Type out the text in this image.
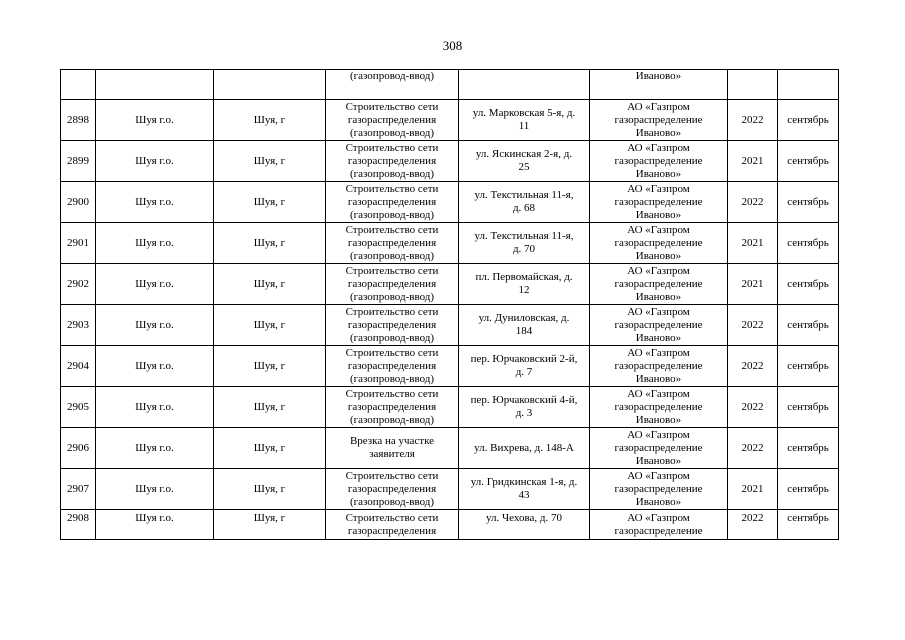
308
			(газопровод-ввод)		Иваново»		
2898	Шуя г.о.	Шуя, г	Строительство сети
газораспределения
(газопровод-ввод)	ул. Марковская 5-я, д.
11	АО «Газпром
газораспределение
Иваново»	2022	сентябрь
2899	Шуя г.о.	Шуя, г	Строительство сети
газораспределения
(газопровод-ввод)	ул. Яскинская 2-я, д.
25	АО «Газпром
газораспределение
Иваново»	2021	сентябрь
2900	Шуя г.о.	Шуя, г	Строительство сети
газораспределения
(газопровод-ввод)	ул. Текстильная 11-я,
д. 68	АО «Газпром
газораспределение
Иваново»	2022	сентябрь
2901	Шуя г.о.	Шуя, г	Строительство сети
газораспределения
(газопровод-ввод)	ул. Текстильная 11-я,
д. 70	АО «Газпром
газораспределение
Иваново»	2021	сентябрь
2902	Шуя г.о.	Шуя, г	Строительство сети
газораспределения
(газопровод-ввод)	пл. Первомайская, д.
12	АО «Газпром
газораспределение
Иваново»	2021	сентябрь
2903	Шуя г.о.	Шуя, г	Строительство сети
газораспределения
(газопровод-ввод)	ул. Дуниловская, д.
184	АО «Газпром
газораспределение
Иваново»	2022	сентябрь
2904	Шуя г.о.	Шуя, г	Строительство сети
газораспределения
(газопровод-ввод)	пер. Юрчаковский 2-й,
д. 7	АО «Газпром
газораспределение
Иваново»	2022	сентябрь
2905	Шуя г.о.	Шуя, г	Строительство сети
газораспределения
(газопровод-ввод)	пер. Юрчаковский 4-й,
д. 3	АО «Газпром
газораспределение
Иваново»	2022	сентябрь
2906	Шуя г.о.	Шуя, г	Врезка на участке
заявителя	ул. Вихрева, д. 148-А	АО «Газпром
газораспределение
Иваново»	2022	сентябрь
2907	Шуя г.о.	Шуя, г	Строительство сети
газораспределения
(газопровод-ввод)	ул. Гридкинская 1-я, д.
43	АО «Газпром
газораспределение
Иваново»	2021	сентябрь
2908	Шуя г.о.	Шуя, г	Строительство сети
газораспределения	ул. Чехова, д. 70	АО «Газпром
газораспределение	2022	сентябрь
